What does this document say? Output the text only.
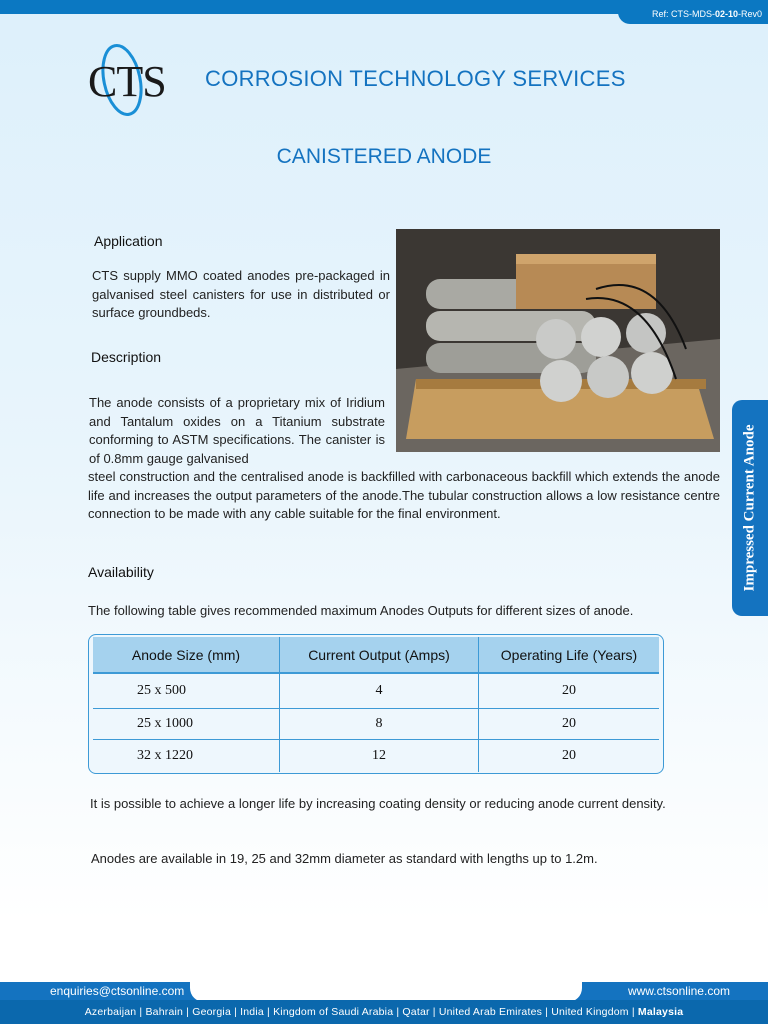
Ref: CTS-MDS-02-10-Rev0
CTS CORROSION TECHNOLOGY SERVICES
CANISTERED ANODE
Application
CTS supply MMO coated anodes pre-packaged in galvanised steel canisters for use in distributed or surface groundbeds.
Description
The anode consists of a proprietary mix of Iridium and Tantalum oxides on a Titanium substrate conforming to ASTM specifications. The canister is of 0.8mm gauge galvanised
steel construction and the centralised anode is backfilled with carbonaceous backfill which extends the anode life and increases the output parameters of the anode.The tubular construction allows a low resistance centre connection to be made with any cable suitable for the final environment.	Impressed Current Anode
Availability
The following table gives recommended maximum Anodes Outputs for different sizes of anode.
Anode Size (mm)	Current Output (Amps)	Operating Life (Years)
25 x 500	4	20
25 x 1000	8	20
32 x 1220	12	20
It is possible to achieve a longer life by increasing coating density or reducing anode current density.
Anodes are available in 19, 25 and 32mm diameter as standard with lengths up to 1.2m.
enquiries@ctsonline.com	www.ctsonline.com
Azerbaijan | Bahrain | Georgia | India | Kingdom of Saudi Arabia | Qatar | United Arab Emirates | United Kingdom | Malaysia
